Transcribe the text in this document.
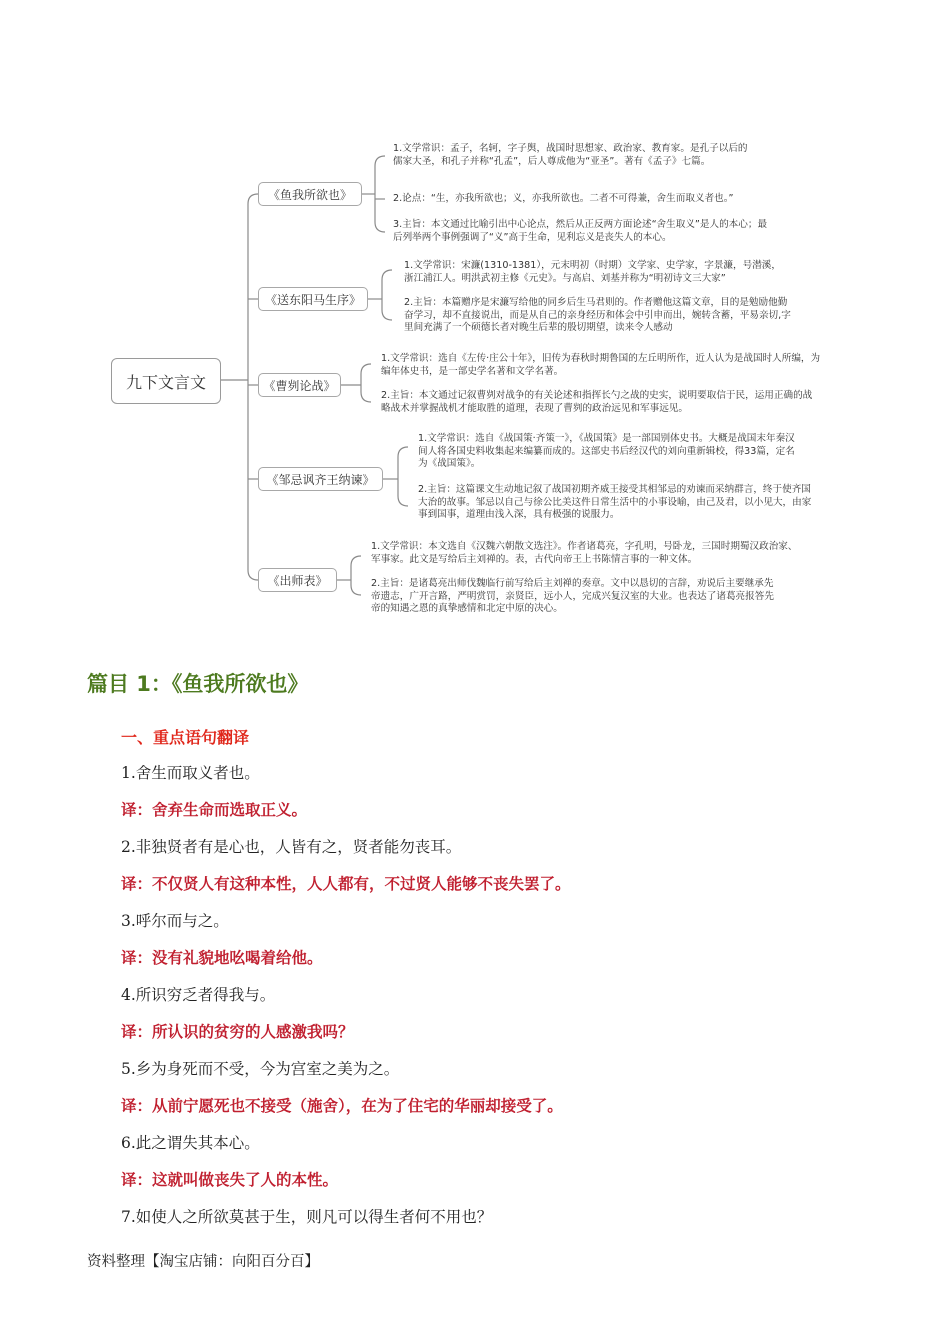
九下文言文
《鱼我所欲也》
《送东阳马生序》
《曹刿论战》
《邹忌讽齐王纳谏》
《出师表》

1.文学常识：孟子，名轲，字子舆，战国时思想家、政治家、教育家。是孔子以后的儒家大圣，和孔子并称“孔孟”，后人尊成他为“亚圣”。著有《孟子》七篇。

2.论点：“生，亦我所欲也；义，亦我所欲也。二者不可得兼，舍生而取义者也。”

3.主旨：本文通过比喻引出中心论点，然后从正反两方面论述“舍生取义”是人的本心；最后列举两个事例强调了“义”高于生命，见利忘义是丧失人的本心。

1.文学常识：宋濂(1310-1381），元末明初（时期）文学家、史学家，字景濂，号潜溪，浙江浦江人。明洪武初主修《元史》。与高启、刘基并称为“明初诗文三大家”

2.主旨：本篇赠序是宋濂写给他的同乡后生马君则的。作者赠他这篇文章，目的是勉励他勤奋学习，却不直接说出，而是从自己的亲身经历和体会中引申而出，婉转含蓄，平易亲切,字里间充满了一个硕德长者对晚生后辈的殷切期望，读来令人感动

1.文学常识：选自《左传·庄公十年》，旧传为春秋时期鲁国的左丘明所作，近人认为是战国时人所编，为编年体史书，是一部史学名著和文学名著。

2.主旨：本文通过记叙曹刿对战争的有关论述和指挥长勺之战的史实，说明要取信于民，运用正确的战略战术并掌握战机才能取胜的道理，表现了曹刿的政治远见和军事远见。

1.文学常识：选自《战国策·齐策一》，《战国策》是一部国别体史书。大概是战国末年秦汉间人将各国史料收集起来编纂而成的。这部史书后经汉代的刘向重新辑校，得33篇，定名为《战国策》。

2.主旨：这篇课文生动地记叙了战国初期齐威王接受其相邹忌的劝谏而采纳群言，终于使齐国大治的故事。邹忌以自己与徐公比美这件日常生活中的小事设喻，由己及君，以小见大，由家事到国事，道理由浅入深，具有极强的说服力。

1.文学常识：本文选自《汉魏六朝散文选注》。作者诸葛亮，字孔明，号卧龙，三国时期蜀汉政治家、军事家。此文是写给后主刘禅的。表，古代向帝王上书陈情言事的一种文体。

2.主旨：是诸葛亮出师伐魏临行前写给后主刘禅的奏章。文中以恳切的言辞，劝说后主要继承先帝遗志，广开言路，严明赏罚，亲贤臣，远小人，完成兴复汉室的大业。也表达了诸葛亮报答先帝的知遇之恩的真挚感情和北定中原的决心。

篇目 1：《鱼我所欲也》
一、重点语句翻译

1.舍生而取义者也。

译：舍弃生命而选取正义。

2.非独贤者有是心也，人皆有之，贤者能勿丧耳。

译：不仅贤人有这种本性，人人都有，不过贤人能够不丧失罢了。

3.呼尔而与之。

译：没有礼貌地吆喝着给他。

4.所识穷乏者得我与。

译：所认识的贫穷的人感激我吗？

5.乡为身死而不受，今为宫室之美为之。

译：从前宁愿死也不接受（施舍），在为了住宅的华丽却接受了。

6.此之谓失其本心。

译：这就叫做丧失了人的本性。

7.如使人之所欲莫甚于生，则凡可以得生者何不用也？

资料整理【淘宝店铺：向阳百分百】
